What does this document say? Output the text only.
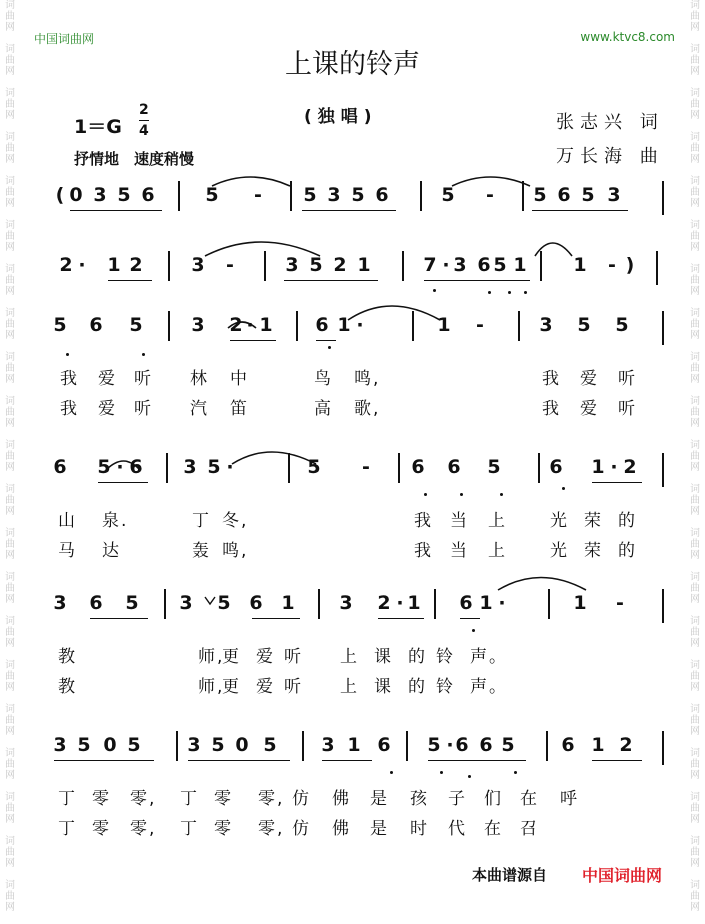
词
曲
网

词
曲
网

词
曲
网

词
曲
网

词
曲
网

词
曲
网

词
曲
网

词
曲
网

词
曲
网

词
曲
网

词
曲
网

词
曲
网

词
曲
网

词
曲
网

词
曲
网

词
曲
网

词
曲
网

词
曲
网

词
曲
网

词
曲
网

词
曲
网

词
曲
网

词
曲
网

词
曲
网

词
曲
网

词
曲
网

词
曲
网

词
曲
网

词
曲
网

词
曲
网

词
曲
网

词
曲
网

词
曲
网

词
曲
网

词
曲
网

词
曲
网

词
曲
网

词
曲
网

词
曲
网

词
曲
网

词
曲
网

词
曲
网

中国词曲网	www.ktvc8.com
上课的铃声
1＝G
2
4
(独唱)
抒情地　速度稍慢
张志兴 词
万长海 曲
( 0 3 5 6	5 - 5 3 5 6	5 - 5 6 5 3
2 · 1 2	3 -	3 5 2 1	7 · 3 6 5 1 1 - )
5 6 5	3 2 · 1 6 1 ·	1 -	3 5 5
我 爱 听 林 中	鸟 鸣,	我 爱 听
我 爱 听 汽 笛	高 歌,	我 爱 听
6 5 · 6 3 5 ·	5 - 6 6 5	6 1 · 2
山 泉.	丁 冬,	我 当 上	光 荣 的
马 达	轰 鸣,	我 当 上	光 荣 的
3 6 5 3 5 6 1 3 2 · 1 6 1 ·	1 -
教	师,
更 爱 听 上 课 的 铃 声。
教	师,
更 爱 听 上 课 的 铃 声。
3 5 0 5 3 5 0 5 3 1 6 5 · 6 6 5 6 1 2
丁 零 零, 丁 零 零, 仿 佛 是 孩 子 们 在 呼
丁 零 零, 丁 零 零, 仿 佛 是 时 代 在 召
本曲谱源自 中国词曲网
